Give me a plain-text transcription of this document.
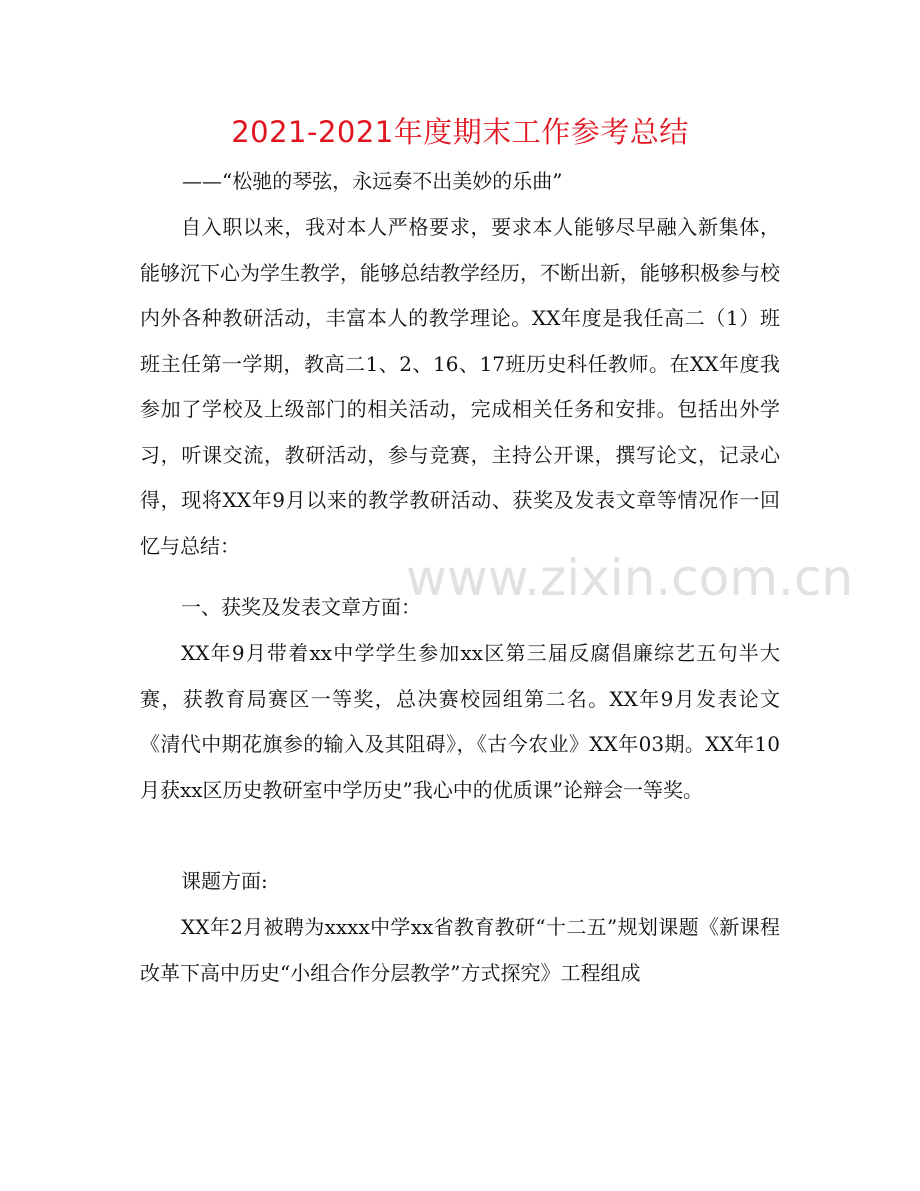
2021-2021年度期末工作参考总结
——“松驰的琴弦，永远奏不出美妙的乐曲”
自入职以来，我对本人严格要求，要求本人能够尽早融入新集体，能够沉下心为学生教学，能够总结教学经历，不断出新，能够积极参与校内外各种教研活动，丰富本人的教学理论。XX年度是我任高二（1）班班主任第一学期，教高二1、2、16、17班历史科任教师。在XX年度我参加了学校及上级部门的相关活动，完成相关任务和安排。包括出外学习，听课交流，教研活动，参与竞赛，主持公开课，撰写论文，记录心得，现将XX年9月以来的教学教研活动、获奖及发表文章等情况作一回忆与总结：
一、获奖及发表文章方面：
XX年9月带着xx中学学生参加xx区第三届反腐倡廉综艺五句半大赛，获教育局赛区一等奖，总决赛校园组第二名。XX年9月发表论文《清代中期花旗参的输入及其阻碍》，《古今农业》XX年03期。XX年10月获xx区历史教研室中学历史”我心中的优质课”论辩会一等奖。
课题方面:
XX年2月被聘为xxxx中学xx省教育教研“十二五”规划课题《新课程改革下高中历史“小组合作分层教学”方式探究》工程组成
www.zixin.com.cn
